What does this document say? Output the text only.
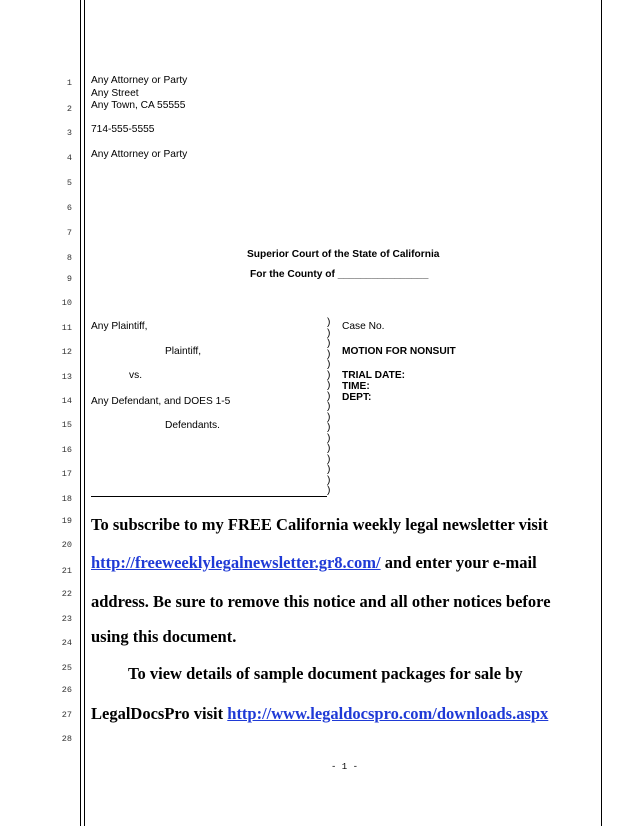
1
2
3
4
5
6
7
8
9
10
11
12
13
14
15
16
17
18
19
20
21
22
23
24
25
26
27
28
Any Attorney or Party
Any Street
Any Town, CA 55555
714-555-5555
Any Attorney or Party
Superior Court of the State of California
For the County of ________________
Any Plaintiff,
Plaintiff,
vs.
Any Defendant, and DOES 1-5
Defendants.
)
)
)
)
)
)
)
)
)
)
)
)
)
)
)
)
)
Case No.
MOTION FOR NONSUIT
TRIAL DATE:
TIME:
DEPT:
To subscribe to my FREE California weekly legal newsletter visit
http://freeweeklylegalnewsletter.gr8.com/ and enter your e-mail
address. Be sure to remove this notice and all other notices before
using this document.
To view details of sample document packages for sale by
LegalDocsPro visit http://www.legaldocspro.com/downloads.aspx
- 1 -
